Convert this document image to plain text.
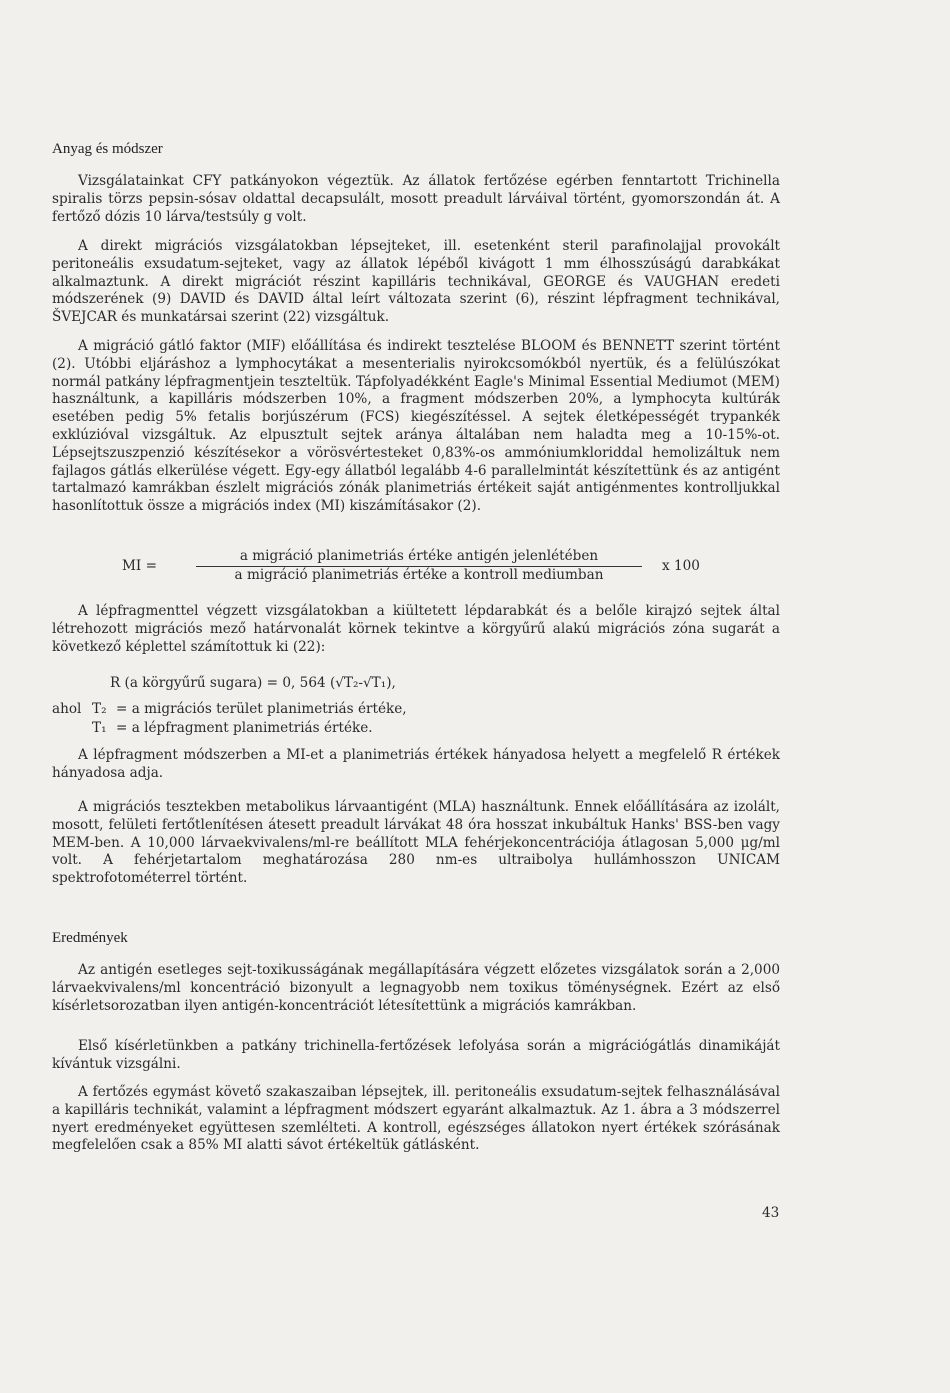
Anyag és módszer

Vizsgálatainkat CFY patkányokon végeztük. Az állatok fertőzése egérben fenntartott Trichinella spiralis törzs pepsin-sósav oldattal decapsulált, mosott preadult lárváival történt, gyomorszondán át. A fertőző dózis 10 lárva/testsúly g volt.

A direkt migrációs vizsgálatokban lépsejteket, ill. esetenként steril parafinolajjal provokált peritoneális exsudatum-sejteket, vagy az állatok lépéből kivágott 1 mm élhosszúságú darabkákat alkalmaztunk. A direkt migrációt részint kapilláris technikával, GEORGE és VAUGHAN eredeti módszerének (9) DAVID és DAVID által leírt változata szerint (6), részint lépfragment technikával, ŠVEJCAR és munkatársai szerint (22) vizsgáltuk.

A migráció gátló faktor (MIF) előállítása és indirekt tesztelése BLOOM és BENNETT szerint történt (2). Utóbbi eljáráshoz a lymphocytákat a mesenterialis nyirokcsomókból nyertük, és a felülúszókat normál patkány lépfragmentjein teszteltük. Tápfolyadékként Eagle's Minimal Essential Mediumot (MEM) használtunk, a kapilláris módszerben 10%, a fragment módszerben 20%, a lymphocyta kultúrák esetében pedig 5% fetalis borjúszérum (FCS) kiegészítéssel. A sejtek életképességét trypankék exklúzióval vizsgáltuk. Az elpusztult sejtek aránya általában nem haladta meg a 10-15%-ot. Lépsejtszuszpenzió készítésekor a vörösvértesteket 0,83%-os ammóniumkloriddal hemolizáltuk nem fajlagos gátlás elkerülése végett. Egy-egy állatból legalább 4-6 parallelmintát készítettünk és az antigént tartalmazó kamrákban észlelt migrációs zónák planimetriás értékeit saját antigénmentes kontrolljukkal hasonlítottuk össze a migrációs index (MI) kiszámításakor (2).

MI =
a migráció planimetriás értéke antigén jelenlétében
a migráció planimetriás értéke a kontroll mediumban
x 100

A lépfragmenttel végzett vizsgálatokban a kiültetett lépdarabkát és a belőle kirajzó sejtek által létrehozott migrációs mező határvonalát körnek tekintve a körgyűrű alakú migrációs zóna sugarát a következő képlettel számítottuk ki (22):

R (a körgyűrű sugara) = 0, 564 (√T₂-√T₁),
ahol T₂ = a migrációs terület planimetriás értéke,
T₁ = a lépfragment planimetriás értéke.

A lépfragment módszerben a MI-et a planimetriás értékek hányadosa helyett a megfelelő R értékek hányadosa adja.

A migrációs tesztekben metabolikus lárvaantigént (MLA) használtunk. Ennek előállítására az izolált, mosott, felületi fertőtlenítésen átesett preadult lárvákat 48 óra hosszat inkubáltuk Hanks' BSS-ben vagy MEM-ben. A 10,000 lárvaekvivalens/ml-re beállított MLA fehérjekoncentrációja átlagosan 5,000 μg/ml volt. A fehérjetartalom meghatározása 280 nm-es ultraibolya hullámhosszon UNICAM spektrofotométerrel történt.

Eredmények

Az antigén esetleges sejt-toxikusságának megállapítására végzett előzetes vizsgálatok során a 2,000 lárvaekvivalens/ml koncentráció bizonyult a legnagyobb nem toxikus töménységnek. Ezért az első kísérletsorozatban ilyen antigén-koncentrációt létesítettünk a migrációs kamrákban.

Első kísérletünkben a patkány trichinella-fertőzések lefolyása során a migrációgátlás dinamikáját kívántuk vizsgálni.

A fertőzés egymást követő szakaszaiban lépsejtek, ill. peritoneális exsudatum-sejtek felhasználásával a kapilláris technikát, valamint a lépfragment módszert egyaránt alkalmaztuk. Az 1. ábra a 3 módszerrel nyert eredményeket együttesen szemlélteti. A kontroll, egészséges állatokon nyert értékek szórásának megfelelően csak a 85% MI alatti sávot értékeltük gátlásként.

43
